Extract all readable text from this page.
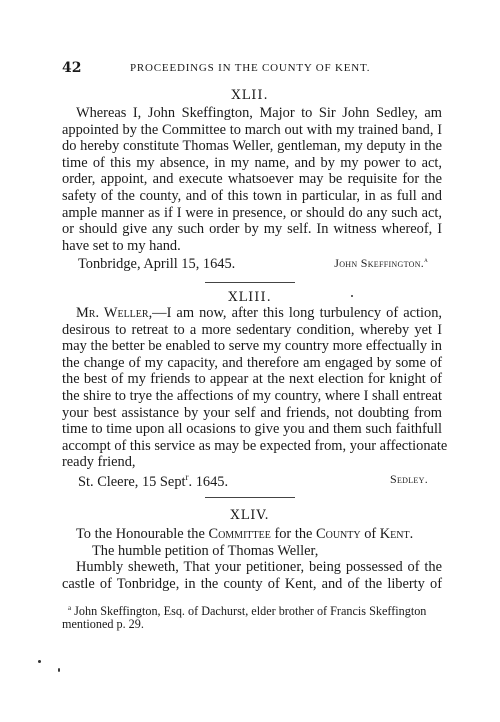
42	PROCEEDINGS IN THE COUNTY OF KENT.
XLII.
Whereas I, John Skeffington, Major to Sir John Sedley, am
appointed by the Committee to march out with my trained band, I
do hereby constitute Thomas Weller, gentleman, my deputy in the
time of this my absence, in my name, and by my power to act,
order, appoint, and execute whatsoever may be requisite for the
safety of the county, and of this town in particular, in as full and
ample manner as if I were in presence, or should do any such act,
or should give any such order by my self. In witness whereof, I
have set to my hand.
Tonbridge, Aprill 15, 1645.	John Skeffington.$^a$
XLIII.
Mr. Weller,—I am now, after this long turbulency of action,
desirous to retreat to a more sedentary condition, whereby yet I
may the better be enabled to serve my country more effectually in
the change of my capacity, and therefore am engaged by some of
the best of my friends to appear at the next election for knight of
the shire to trye the affections of my country, where I shall entreat
your best assistance by your self and friends, not doubting from
time to time upon all ocasions to give you and them such faithfull
accompt of this service as may be expected from, your affectionate
ready friend,
St. Cleere, 15 Sept$^r$. 1645.	Sedley.
XLIV.
To the Honourable the Committee for the County of Kent.
The humble petition of Thomas Weller,
Humbly sheweth, That your petitioner, being possessed of the
castle of Tonbridge, in the county of Kent, and of the liberty of
$^a$ John Skeffington, Esq. of Dachurst, elder brother of Francis Skeffington
mentioned p. 29.
